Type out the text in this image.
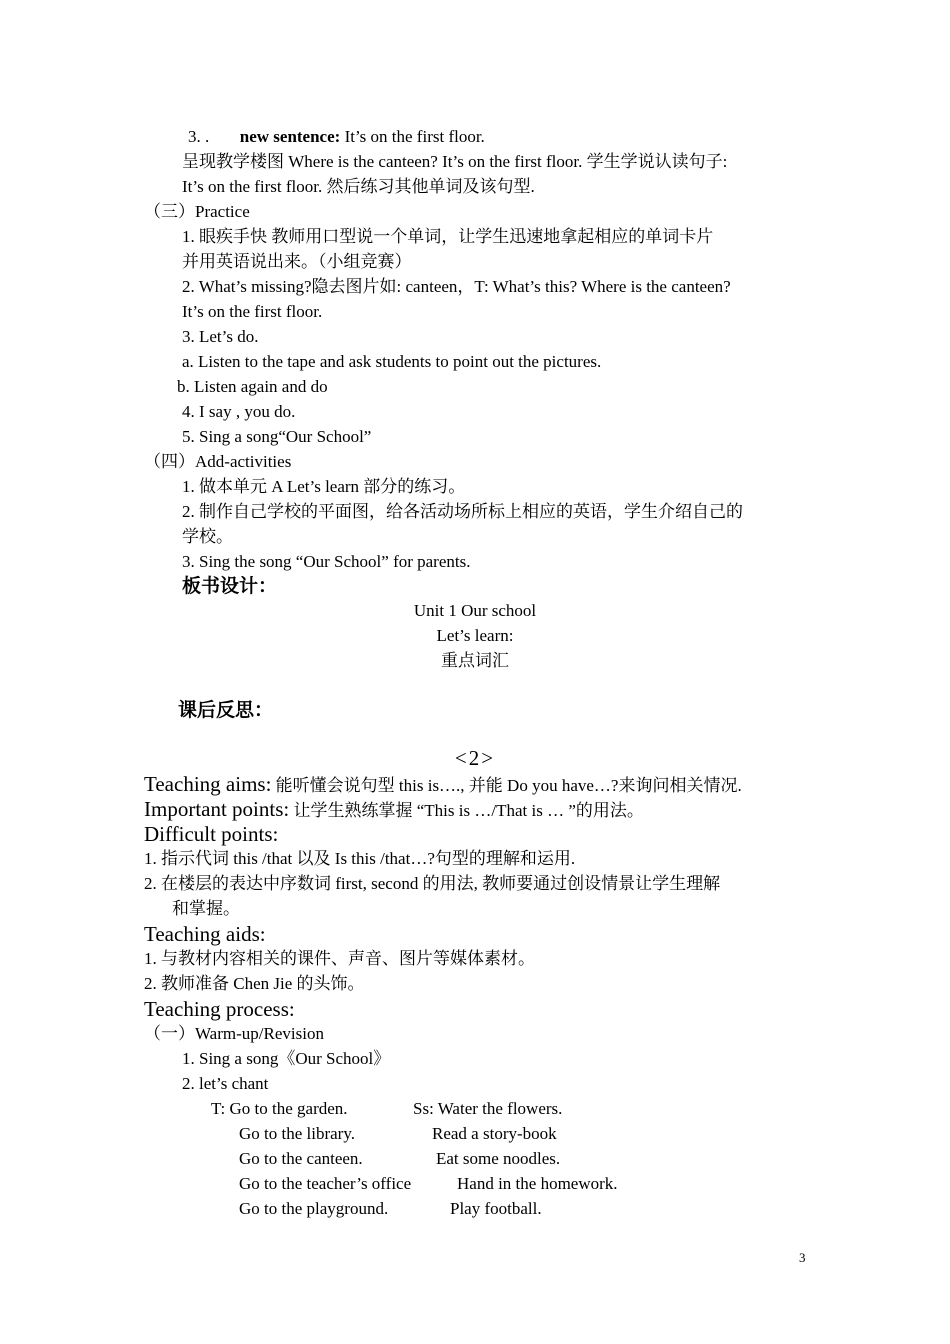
3. . new sentence: It’s on the first floor.
呈现教学楼图 Where is the canteen? It’s on the first floor. 学生学说认读句子:
It’s on the first floor. 然后练习其他单词及该句型.
（三）Practice
1. 眼疾手快 教师用口型说一个单词，让学生迅速地拿起相应的单词卡片
并用英语说出来。（小组竞赛）
2. What’s missing?隐去图片如: canteen，T: What’s this? Where is the canteen?
It’s on the first floor.
3. Let’s do.
a. Listen to the tape and ask students to point out the pictures.
b. Listen again and do
4. I say , you do.
5. Sing a song“Our School”
（四）Add-activities
1. 做本单元 A Let’s learn 部分的练习。
2. 制作自己学校的平面图，给各活动场所标上相应的英语，学生介绍自己的
学校。
3. Sing the song “Our School” for parents.
板书设计：
Unit 1 Our school
Let’s learn:
重点词汇
课后反思：
<2>
Teaching aims: 能听懂会说句型 this is…., 并能 Do you have…?来询问相关情况.
Important points: 让学生熟练掌握 “This is …/That is … ”的用法。
Difficult points:
1. 指示代词 this /that 以及 Is this /that…?句型的理解和运用.
2. 在楼层的表达中序数词 first, second 的用法, 教师要通过创设情景让学生理解
和掌握。
Teaching aids:
1. 与教材内容相关的课件、声音、图片等媒体素材。
2. 教师准备 Chen Jie 的头饰。
Teaching process:
（一）Warm-up/Revision
1. Sing a song《Our School》
2. let’s chant
T: Go to the garden.	Ss: Water the flowers.
Go to the library.	Read a story-book
Go to the canteen.	Eat some noodles.
Go to the teacher’s office	Hand in the homework.
Go to the playground.	Play football.
3
